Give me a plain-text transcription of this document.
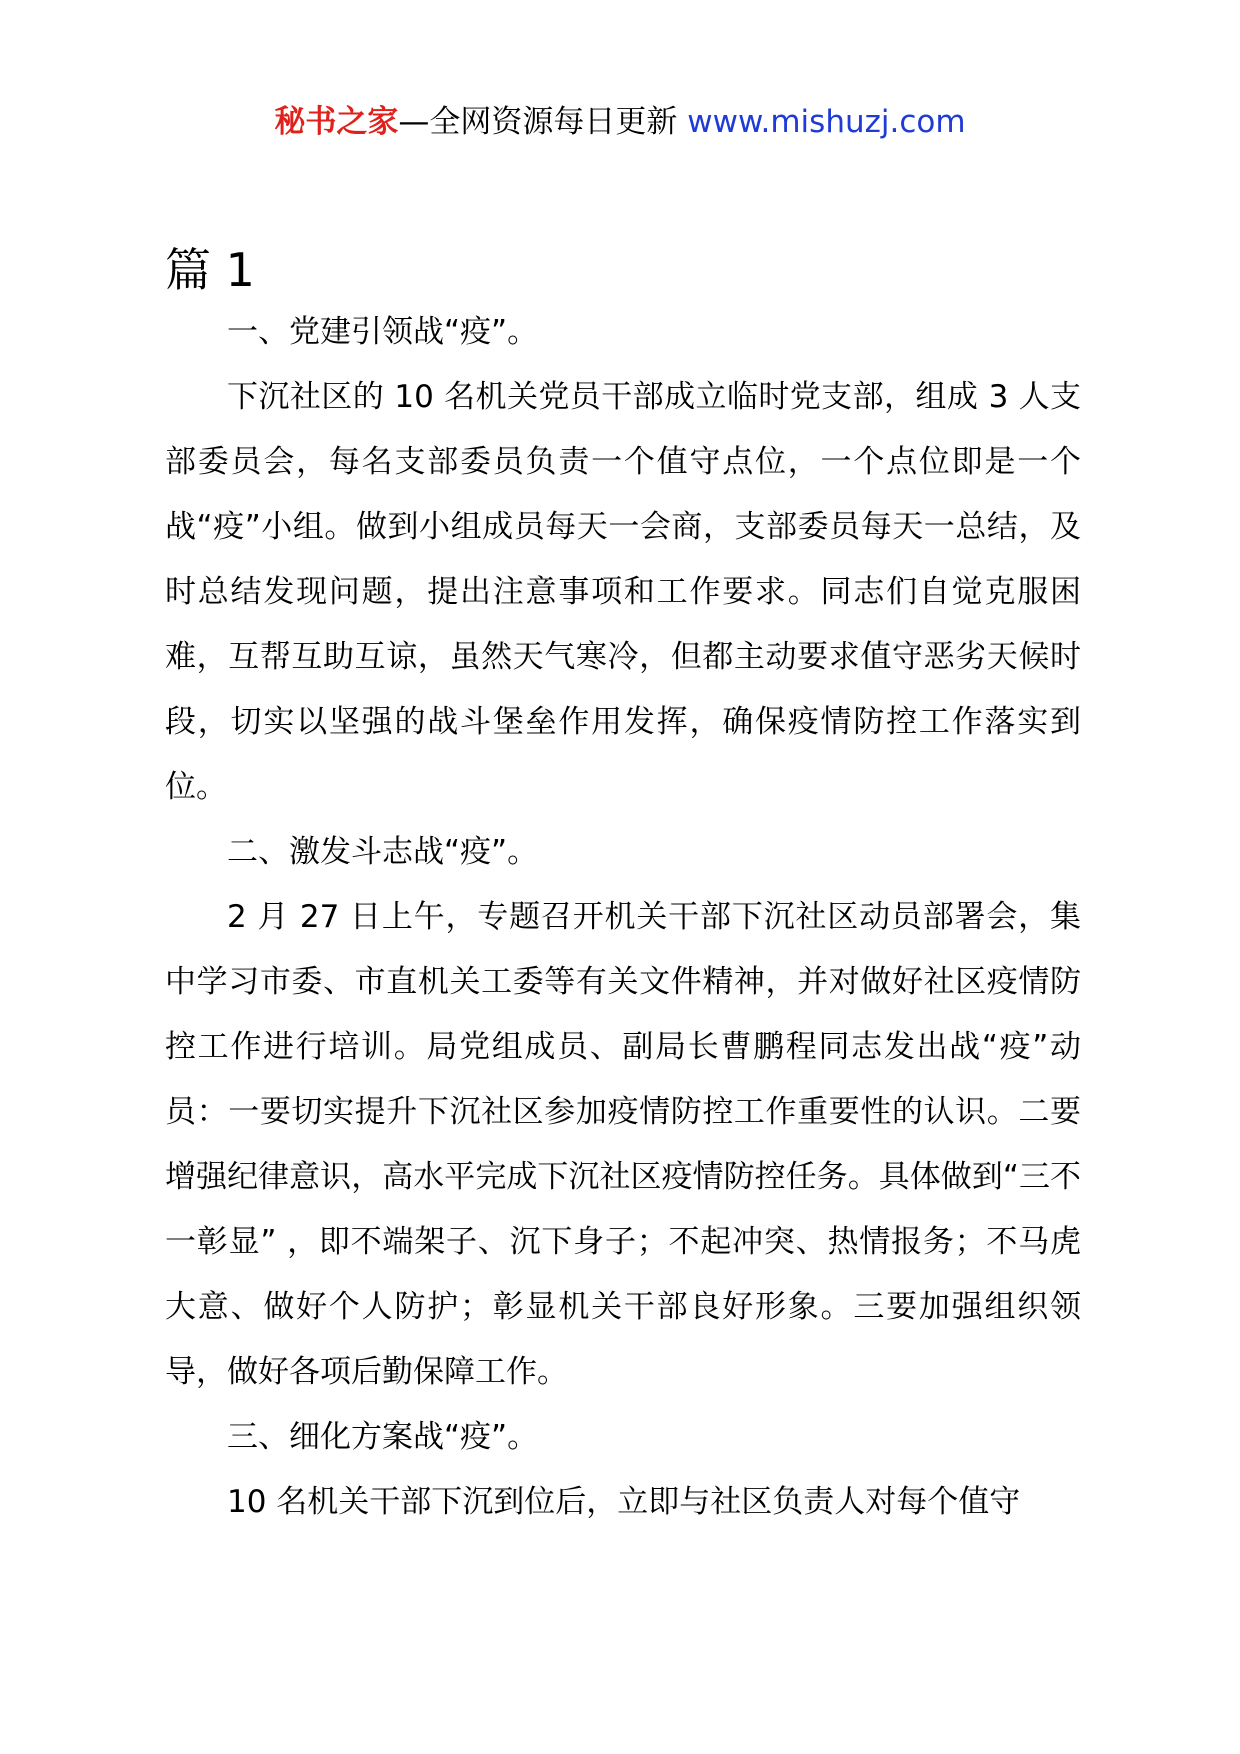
秘书之家—全网资源每日更新 www.mishuzj.com
篇 1

一、党建引领战“疫”。

下沉社区的 10 名机关党员干部成立临时党支部，组成 3 人支部委员会，每名支部委员负责一个值守点位，一个点位即是一个战“疫”小组。做到小组成员每天一会商，支部委员每天一总结，及时总结发现问题，提出注意事项和工作要求。同志们自觉克服困难，互帮互助互谅，虽然天气寒冷，但都主动要求值守恶劣天候时段，切实以坚强的战斗堡垒作用发挥，确保疫情防控工作落实到位。

二、激发斗志战“疫”。

2 月 27 日上午，专题召开机关干部下沉社区动员部署会，集中学习市委、市直机关工委等有关文件精神，并对做好社区疫情防控工作进行培训。局党组成员、副局长曹鹏程同志发出战“疫”动员：一要切实提升下沉社区参加疫情防控工作重要性的认识。二要增强纪律意识，高水平完成下沉社区疫情防控任务。具体做到“三不一彰显” ，即不端架子、沉下身子；不起冲突、热情报务；不马虎大意、做好个人防护；彰显机关干部良好形象。三要加强组织领导，做好各项后勤保障工作。

三、细化方案战“疫”。

10 名机关干部下沉到位后，立即与社区负责人对每个值守
